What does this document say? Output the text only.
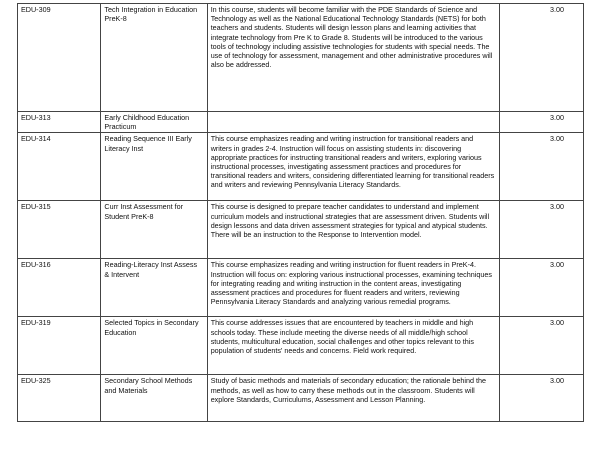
EDU-309	Tech Integration in Education PreK-8	In this course, students will become familiar with the PDE Standards of Science and Technology as well as the National Educational Technology Standards (NETS) for both teachers and students. Students will design lesson plans and learning activities that integrate technology from Pre K to Grade 8. Students will be introduced to the various tools of technology including assistive technologies for students with special needs. The use of technology for assessment, management and other administrative procedures will also be addressed.	3.00

EDU-313	Early Childhood Education Practicum		3.00

EDU-314	Reading Sequence III Early Literacy Inst	This course emphasizes reading and writing instruction for transitional readers and writers in grades 2-4. Instruction will focus on assisting students in: discovering appropriate practices for instructing transitional readers and writers, exploring various instructional processes, investigating assessment practices and procedures for transitional readers and writers, considering differentiated learning for transitional readers and writers and reviewing Pennsylvania Literacy Standards.	3.00

EDU-315	Curr Inst Assessment for Student PreK-8	This course is designed to prepare teacher candidates to understand and implement curriculum models and instructional strategies that are assessment driven. Students will design lessons and data driven assessment strategies for typical and atypical students. There will be an instruction to the Response to Intervention model.	3.00

EDU-316	Reading-Literacy Inst Assess & Intervent	This course emphasizes reading and writing instruction for fluent readers in PreK-4. Instruction will focus on: exploring various instructional processes, examining techniques for integrating reading and writing instruction in the content areas, investigating assessment practices and procedures for fluent readers and writers, reviewing Pennsylvania Literacy Standards and analyzing various remedial programs.	3.00

EDU-319	Selected Topics in Secondary Education	This course addresses issues that are encountered by teachers in middle and high schools today. These include meeting the diverse needs of all middle/high school students, multicultural education, social challenges and other topics relevant to this population of students' needs and concerns. Field work required.	3.00

EDU-325	Secondary School Methods and Materials	Study of basic methods and materials of secondary education; the rationale behind the methods, as well as how to carry these methods out in the classroom. Students will explore Standards, Curriculums, Assessment and Lesson Planning.	3.00
